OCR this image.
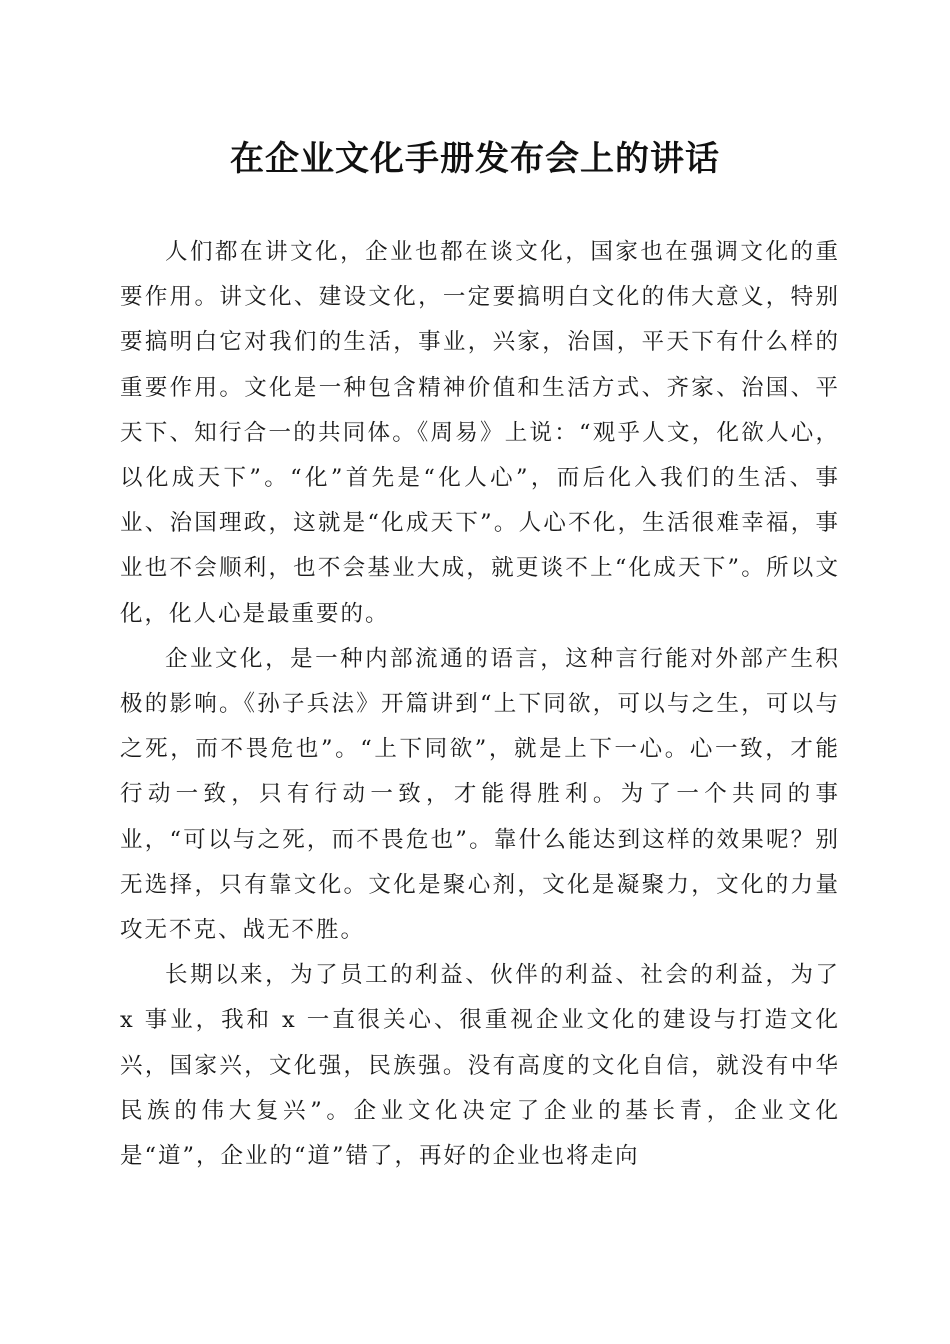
在企业文化手册发布会上的讲话

人们都在讲文化，企业也都在谈文化，国家也在强调文化的重要作用。讲文化、建设文化，一定要搞明白文化的伟大意义，特别要搞明白它对我们的生活，事业，兴家，治国，平天下有什么样的重要作用。文化是一种包含精神价值和生活方式、齐家、治国、平天下、知行合一的共同体。《周易》上说：“观乎人文，化欲人心，以化成天下”。“化”首先是“化人心”，而后化入我们的生活、事业、治国理政，这就是“化成天下”。人心不化，生活很难幸福，事业也不会顺利，也不会基业大成，就更谈不上“化成天下”。所以文化，化人心是最重要的。

企业文化，是一种内部流通的语言，这种言行能对外部产生积极的影响。《孙子兵法》开篇讲到“上下同欲，可以与之生，可以与之死，而不畏危也”。“上下同欲”，就是上下一心。心一致，才能行动一致，只有行动一致，才能得胜利。为了一个共同的事业，“可以与之死，而不畏危也”。靠什么能达到这样的效果呢？别无选择，只有靠文化。文化是聚心剂，文化是凝聚力，文化的力量攻无不克、战无不胜。

长期以来，为了员工的利益、伙伴的利益、社会的利益，为了 x 事业，我和 x 一直很关心、很重视企业文化的建设与打造文化兴，国家兴，文化强，民族强。没有高度的文化自信，就没有中华民族的伟大复兴”。企业文化决定了企业的基长青，企业文化是“道”，企业的“道”错了，再好的企业也将走向
